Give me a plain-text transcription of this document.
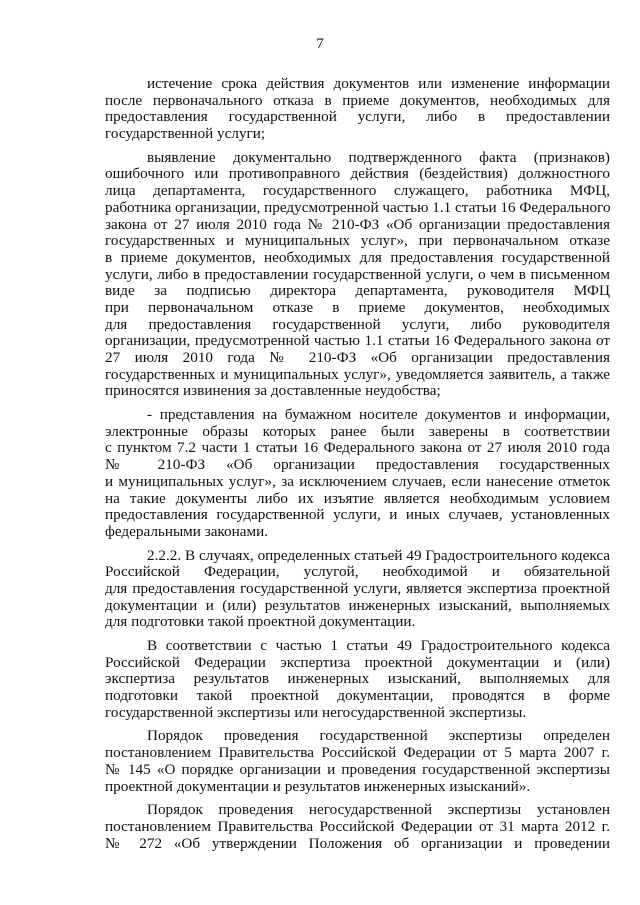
7
истечение срока действия документов или изменение информации
после первоначального отказа в приеме документов, необходимых для
предоставления государственной услуги, либо в предоставлении
государственной услуги;
выявление документально подтвержденного факта (признаков)
ошибочного или противоправного действия (бездействия) должностного
лица департамента, государственного служащего, работника МФЦ,
работника организации, предусмотренной частью 1.1 статьи 16 Федерального
закона от 27 июля 2010 года № 210-ФЗ «Об организации предоставления
государственных и муниципальных услуг», при первоначальном отказе
в приеме документов, необходимых для предоставления государственной
услуги, либо в предоставлении государственной услуги, о чем в письменном
виде за подписью директора департамента, руководителя МФЦ
при первоначальном отказе в приеме документов, необходимых
для предоставления государственной услуги, либо руководителя
организации, предусмотренной частью 1.1 статьи 16 Федерального закона от
27 июля 2010 года № 210-ФЗ «Об организации предоставления
государственных и муниципальных услуг», уведомляется заявитель, а также
приносятся извинения за доставленные неудобства;
- представления на бумажном носителе документов и информации,
электронные образы которых ранее были заверены в соответствии
с пунктом 7.2 части 1 статьи 16 Федерального закона от 27 июля 2010 года
№ 210-ФЗ «Об организации предоставления государственных
и муниципальных услуг», за исключением случаев, если нанесение отметок
на такие документы либо их изъятие является необходимым условием
предоставления государственной услуги, и иных случаев, установленных
федеральными законами.
2.2.2. В случаях, определенных статьей 49 Градостроительного кодекса
Российской Федерации, услугой, необходимой и обязательной
для предоставления государственной услуги, является экспертиза проектной
документации и (или) результатов инженерных изысканий, выполняемых
для подготовки такой проектной документации.
В соответствии с частью 1 статьи 49 Градостроительного кодекса
Российской Федерации экспертиза проектной документации и (или)
экспертиза результатов инженерных изысканий, выполняемых для
подготовки такой проектной документации, проводятся в форме
государственной экспертизы или негосударственной экспертизы.
Порядок проведения государственной экспертизы определен
постановлением Правительства Российской Федерации от 5 марта 2007 г.
№ 145 «О порядке организации и проведения государственной экспертизы
проектной документации и результатов инженерных изысканий».
Порядок проведения негосударственной экспертизы установлен
постановлением Правительства Российской Федерации от 31 марта 2012 г.
№ 272 «Об утверждении Положения об организации и проведении
